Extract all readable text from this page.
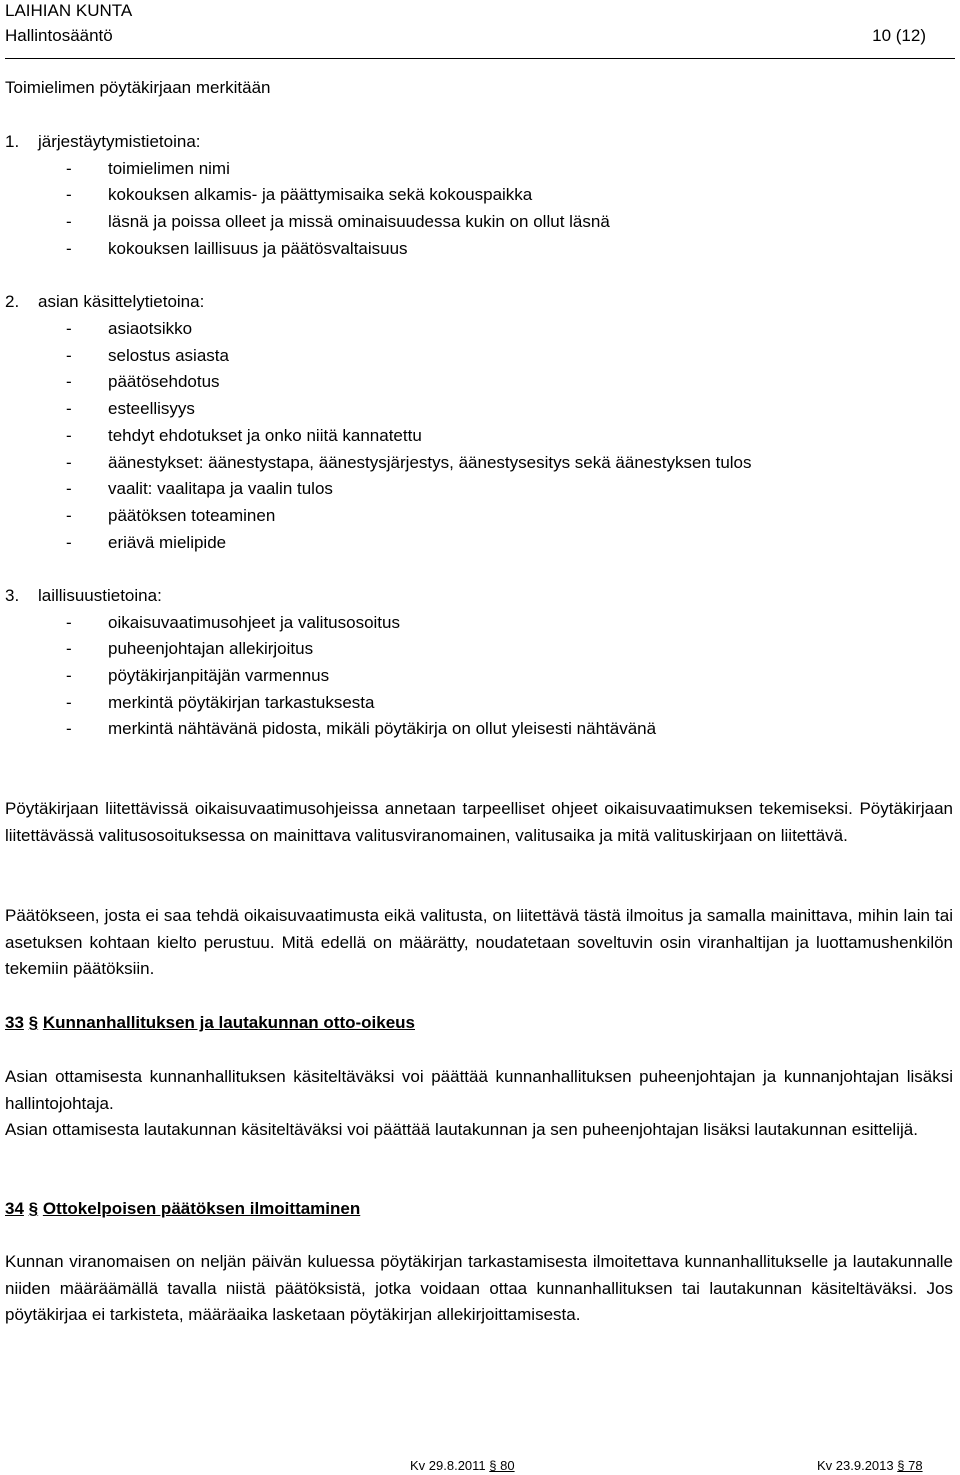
LAIHIAN KUNTA
Hallintosääntö	10 (12)
Toimielimen pöytäkirjaan merkitään
1. järjestäytymistietoina:
- toimielimen nimi
- kokouksen alkamis- ja päättymisaika sekä kokouspaikka
- läsnä ja poissa olleet ja missä ominaisuudessa kukin on ollut läsnä
- kokouksen laillisuus ja päätösvaltaisuus
2. asian käsittelytietoina:
- asiaotsikko
- selostus asiasta
- päätösehdotus
- esteellisyys
- tehdyt ehdotukset ja onko niitä kannatettu
- äänestykset: äänestystapa, äänestysjärjestys, äänestysesitys sekä äänestyksen tulos
- vaalit: vaalitapa ja vaalin tulos
- päätöksen toteaminen
- eriävä mielipide
3. laillisuustietoina:
- oikaisuvaatimusohjeet ja valitusosoitus
- puheenjohtajan allekirjoitus
- pöytäkirjanpitäjän varmennus
- merkintä pöytäkirjan tarkastuksesta
- merkintä nähtävänä pidosta, mikäli pöytäkirja on ollut yleisesti nähtävänä

Pöytäkirjaan liitettävissä oikaisuvaatimusohjeissa annetaan tarpeelliset ohjeet oikaisuvaatimuksen tekemiseksi. Pöytäkirjaan liitettävässä valitusosoituksessa on mainittava valitusviranomainen, valitusaika ja mitä valituskirjaan on liitettävä.

Päätökseen, josta ei saa tehdä oikaisuvaatimusta eikä valitusta, on liitettävä tästä ilmoitus ja samalla mainittava, mihin lain tai asetuksen kohtaan kielto perustuu. Mitä edellä on määrätty, noudatetaan soveltuvin osin viranhaltijan ja luottamushenkilön tekemiin päätöksiin.

33 § Kunnanhallituksen ja lautakunnan otto-oikeus

Asian ottamisesta kunnanhallituksen käsiteltäväksi voi päättää kunnanhallituksen puheenjohtajan ja kunnanjohtajan lisäksi hallintojohtaja.

Asian ottamisesta lautakunnan käsiteltäväksi voi päättää lautakunnan ja sen puheenjohtajan lisäksi lautakunnan esittelijä.

34 § Ottokelpoisen päätöksen ilmoittaminen

Kunnan viranomaisen on neljän päivän kuluessa pöytäkirjan tarkastamisesta ilmoitettava kunnanhallitukselle ja lautakunnalle niiden määräämällä tavalla niistä päätöksistä, jotka voidaan ottaa kunnanhallituksen tai lautakunnan käsiteltäväksi. Jos pöytäkirjaa ei tarkisteta, määräaika lasketaan pöytäkirjan allekirjoittamisesta.

Kv 29.8.2011 § 80	Kv 23.9.2013 § 78
